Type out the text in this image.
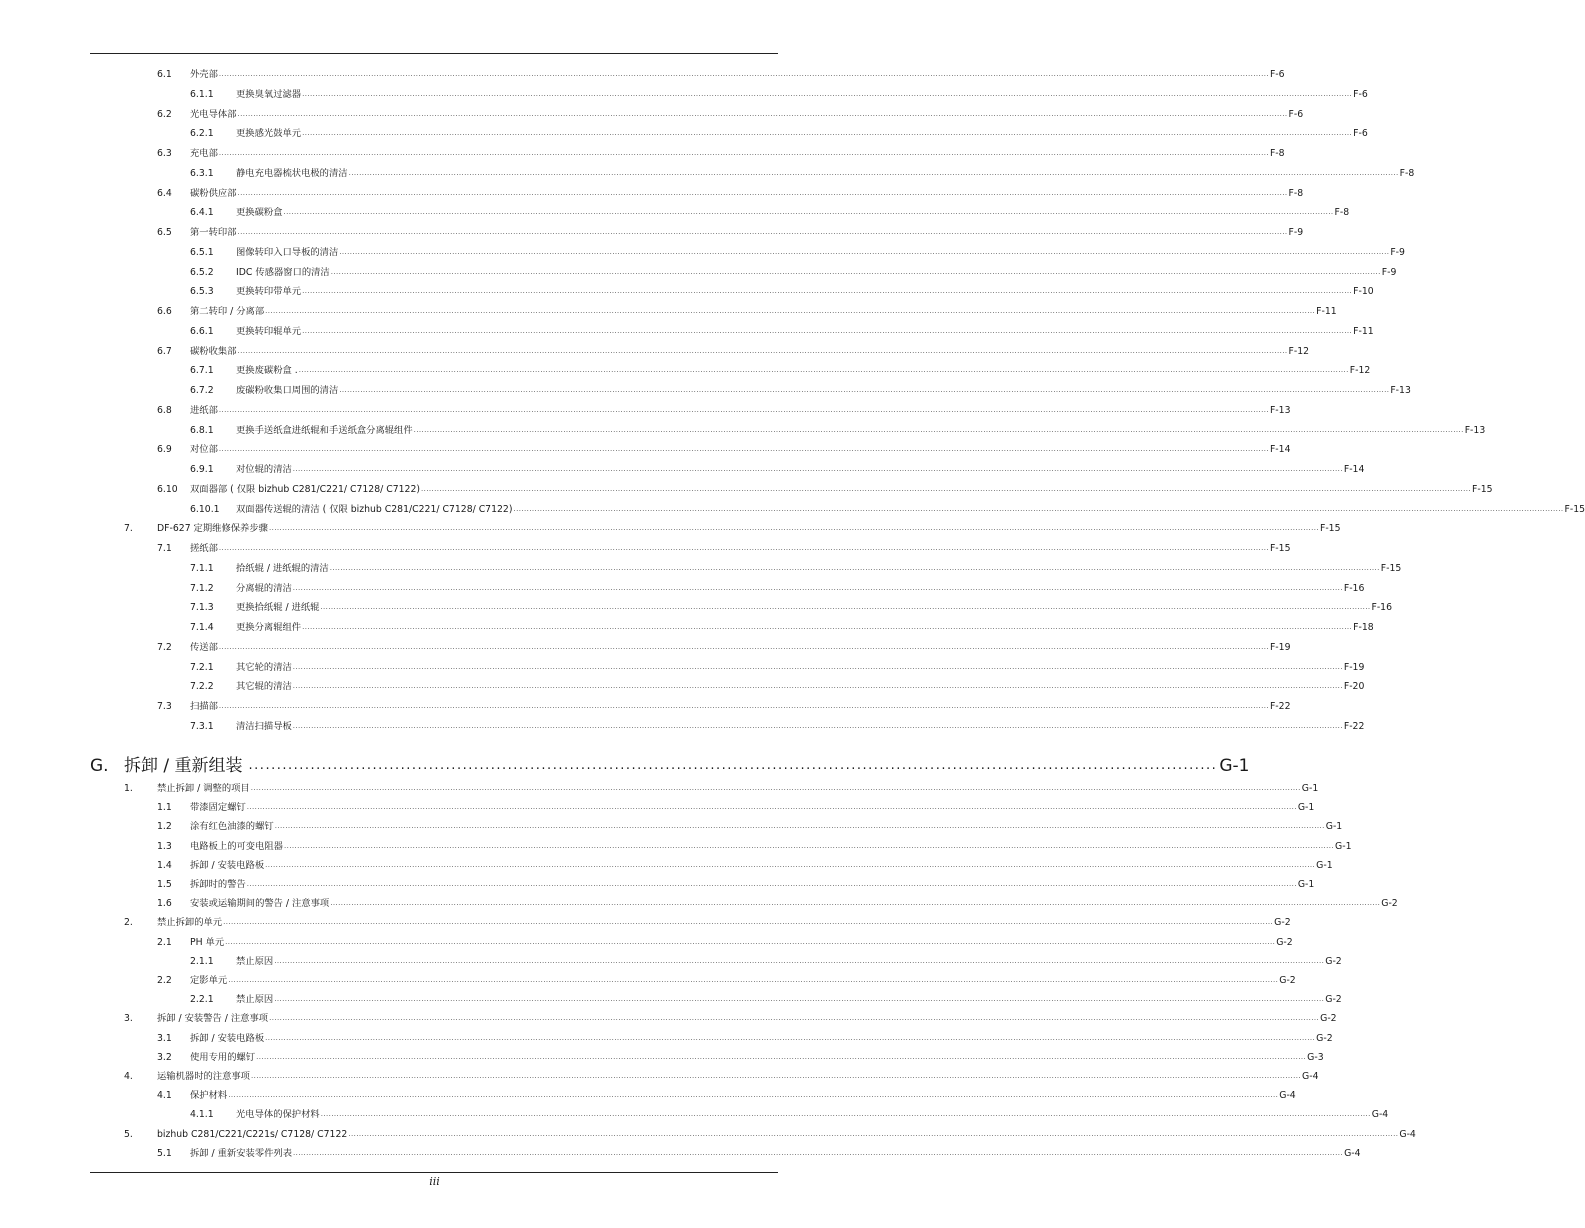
6.1 外壳部 ................................................................................................................................................................................................................................................................................................................................................................................................................ F-6
6.1.1 更换臭氧过滤器 ................................................................................................................................................................................................................................................................................................................................................................................................................ F-6
6.2 光电导体部 ................................................................................................................................................................................................................................................................................................................................................................................................................ F-6
6.2.1 更换感光鼓单元 ................................................................................................................................................................................................................................................................................................................................................................................................................ F-6
6.3 充电部 ................................................................................................................................................................................................................................................................................................................................................................................................................ F-8
6.3.1 静电充电器梳状电极的清洁 ................................................................................................................................................................................................................................................................................................................................................................................................................ F-8
6.4 碳粉供应部 ................................................................................................................................................................................................................................................................................................................................................................................................................ F-8
6.4.1 更换碳粉盒 ................................................................................................................................................................................................................................................................................................................................................................................................................ F-8
6.5 第一转印部 ................................................................................................................................................................................................................................................................................................................................................................................................................ F-9
6.5.1 图像转印入口导板的清洁 ................................................................................................................................................................................................................................................................................................................................................................................................................ F-9
6.5.2 IDC 传感器窗口的清洁 ................................................................................................................................................................................................................................................................................................................................................................................................................ F-9
6.5.3 更换转印带单元 ................................................................................................................................................................................................................................................................................................................................................................................................................ F-10
6.6 第二转印 / 分离部 ................................................................................................................................................................................................................................................................................................................................................................................................................ F-11
6.6.1 更换转印辊单元 ................................................................................................................................................................................................................................................................................................................................................................................................................ F-11
6.7 碳粉收集部 ................................................................................................................................................................................................................................................................................................................................................................................................................ F-12
6.7.1 更换废碳粉盒 . ................................................................................................................................................................................................................................................................................................................................................................................................................ F-12
6.7.2 废碳粉收集口周围的清洁 ................................................................................................................................................................................................................................................................................................................................................................................................................ F-13
6.8 进纸部 ................................................................................................................................................................................................................................................................................................................................................................................................................ F-13
6.8.1 更换手送纸盒进纸辊和手送纸盒分离辊组件 ................................................................................................................................................................................................................................................................................................................................................................................................................ F-13
6.9 对位部 ................................................................................................................................................................................................................................................................................................................................................................................................................ F-14
6.9.1 对位辊的清洁 ................................................................................................................................................................................................................................................................................................................................................................................................................ F-14
6.10 双面器部 ( 仅限 bizhub C281/C221/ C7128/ C7122) ................................................................................................................................................................................................................................................................................................................................................................................................................ F-15
6.10.1 双面器传送辊的清洁 ( 仅限 bizhub C281/C221/ C7128/ C7122) ................................................................................................................................................................................................................................................................................................................................................................................................................ F-15
7.	DF-627 定期维修保养步骤 ................................................................................................................................................................................................................................................................................................................................................................................................................ F-15
7.1 搓纸部 ................................................................................................................................................................................................................................................................................................................................................................................................................ F-15
7.1.1 拾纸辊 / 进纸辊的清洁 ................................................................................................................................................................................................................................................................................................................................................................................................................ F-15
7.1.2 分离辊的清洁 ................................................................................................................................................................................................................................................................................................................................................................................................................ F-16
7.1.3 更换拾纸辊 / 进纸辊 ................................................................................................................................................................................................................................................................................................................................................................................................................ F-16
7.1.4 更换分离辊组件 ................................................................................................................................................................................................................................................................................................................................................................................................................ F-18
7.2 传送部 ................................................................................................................................................................................................................................................................................................................................................................................................................ F-19
7.2.1 其它轮的清洁 ................................................................................................................................................................................................................................................................................................................................................................................................................ F-19
7.2.2 其它辊的清洁 ................................................................................................................................................................................................................................................................................................................................................................................................................ F-20
7.3 扫描部 ................................................................................................................................................................................................................................................................................................................................................................................................................ F-22
7.3.1 清洁扫描导板 ................................................................................................................................................................................................................................................................................................................................................................................................................ F-22
G. 拆卸 / 重新组装 ............................................................................................................................................................................ G-1
1.	禁止拆卸 / 调整的项目 ................................................................................................................................................................................................................................................................................................................................................................................................................ G-1
1.1 带漆固定螺钉 ................................................................................................................................................................................................................................................................................................................................................................................................................ G-1
1.2 涂有红色油漆的螺钉 ................................................................................................................................................................................................................................................................................................................................................................................................................ G-1
1.3 电路板上的可变电阻器 ................................................................................................................................................................................................................................................................................................................................................................................................................ G-1
1.4 拆卸 / 安装电路板 ................................................................................................................................................................................................................................................................................................................................................................................................................ G-1
1.5 拆卸时的警告 ................................................................................................................................................................................................................................................................................................................................................................................................................ G-1
1.6 安装或运输期间的警告 / 注意事项 ................................................................................................................................................................................................................................................................................................................................................................................................................ G-2
2.	禁止拆卸的单元 ................................................................................................................................................................................................................................................................................................................................................................................................................ G-2
2.1 PH 单元 ................................................................................................................................................................................................................................................................................................................................................................................................................ G-2
2.1.1 禁止原因 ................................................................................................................................................................................................................................................................................................................................................................................................................ G-2
2.2 定影单元 ................................................................................................................................................................................................................................................................................................................................................................................................................ G-2
2.2.1 禁止原因 ................................................................................................................................................................................................................................................................................................................................................................................................................ G-2
3.	拆卸 / 安装警告 / 注意事项 ................................................................................................................................................................................................................................................................................................................................................................................................................ G-2
3.1 拆卸 / 安装电路板 ................................................................................................................................................................................................................................................................................................................................................................................................................ G-2
3.2 使用专用的螺钉 ................................................................................................................................................................................................................................................................................................................................................................................................................ G-3
4.	运输机器时的注意事项 ................................................................................................................................................................................................................................................................................................................................................................................................................ G-4
4.1 保护材料 ................................................................................................................................................................................................................................................................................................................................................................................................................ G-4
4.1.1 光电导体的保护材料 ................................................................................................................................................................................................................................................................................................................................................................................................................ G-4
5.	bizhub C281/C221/C221s/ C7128/ C7122 ................................................................................................................................................................................................................................................................................................................................................................................................................ G-4
5.1 拆卸 / 重新安装零件列表 ................................................................................................................................................................................................................................................................................................................................................................................................................ G-4
iii
